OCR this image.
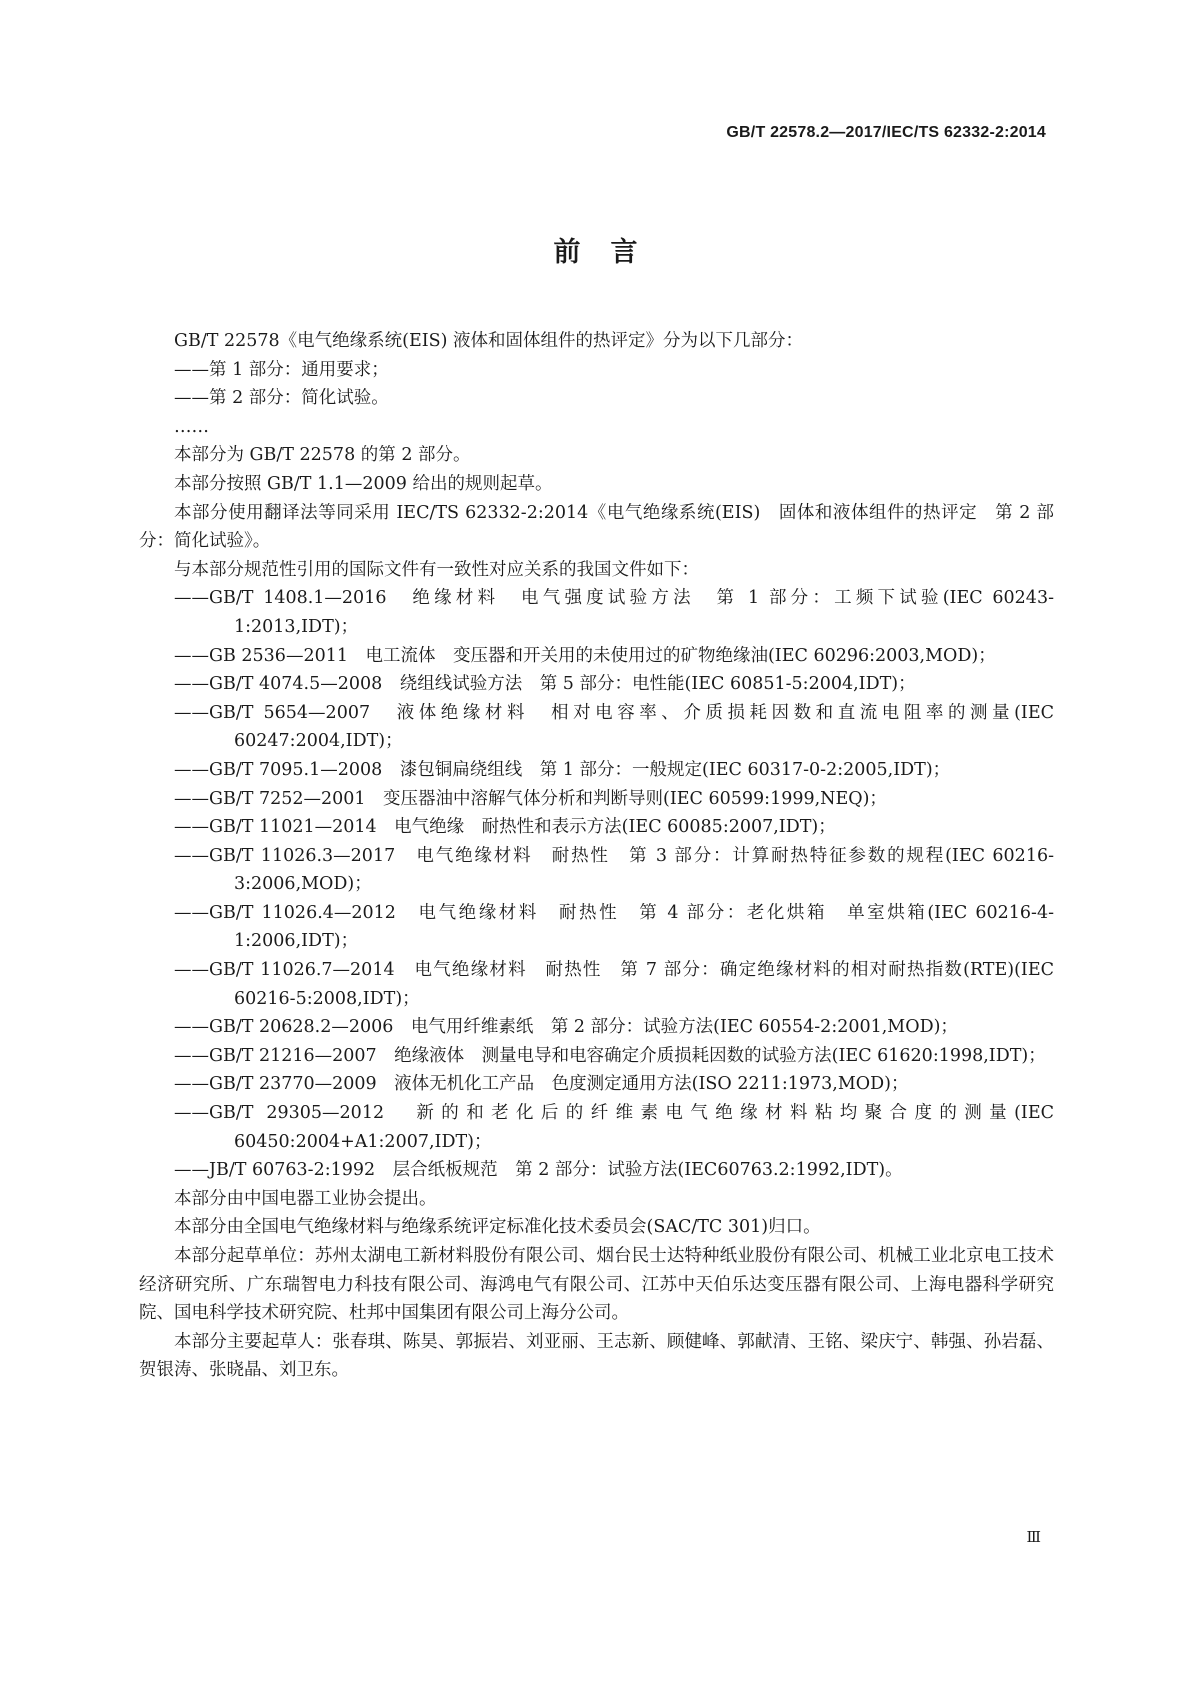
GB/T 22578.2—2017/IEC/TS 62332-2:2014
前言

GB/T 22578《电气绝缘系统(EIS) 液体和固体组件的热评定》分为以下几部分：

——第 1 部分：通用要求；

——第 2 部分：简化试验。

……

本部分为 GB/T 22578 的第 2 部分。

本部分按照 GB/T 1.1—2009 给出的规则起草。

本部分使用翻译法等同采用 IEC/TS 62332-2:2014《电气绝缘系统(EIS)　固体和液体组件的热评定　第 2 部分：简化试验》。

与本部分规范性引用的国际文件有一致性对应关系的我国文件如下：

——GB/T 1408.1—2016　绝缘材料　电气强度试验方法　第 1 部分：工频下试验(IEC 60243-1:2013,IDT)；

——GB 2536—2011　电工流体　变压器和开关用的未使用过的矿物绝缘油(IEC 60296:2003,MOD)；

——GB/T 4074.5—2008　绕组线试验方法　第 5 部分：电性能(IEC 60851-5:2004,IDT)；

——GB/T 5654—2007　液体绝缘材料　相对电容率、介质损耗因数和直流电阻率的测量(IEC 60247:2004,IDT)；

——GB/T 7095.1—2008　漆包铜扁绕组线　第 1 部分：一般规定(IEC 60317-0-2:2005,IDT)；

——GB/T 7252—2001　变压器油中溶解气体分析和判断导则(IEC 60599:1999,NEQ)；

——GB/T 11021—2014　电气绝缘　耐热性和表示方法(IEC 60085:2007,IDT)；

——GB/T 11026.3—2017　电气绝缘材料　耐热性　第 3 部分：计算耐热特征参数的规程(IEC 60216-3:2006,MOD)；

——GB/T 11026.4—2012　电气绝缘材料　耐热性　第 4 部分：老化烘箱　单室烘箱(IEC 60216-4-1:2006,IDT)；

——GB/T 11026.7—2014　电气绝缘材料　耐热性　第 7 部分：确定绝缘材料的相对耐热指数(RTE)(IEC 60216-5:2008,IDT)；

——GB/T 20628.2—2006　电气用纤维素纸　第 2 部分：试验方法(IEC 60554-2:2001,MOD)；

——GB/T 21216—2007　绝缘液体　测量电导和电容确定介质损耗因数的试验方法(IEC 61620:1998,IDT)；

——GB/T 23770—2009　液体无机化工产品　色度测定通用方法(ISO 2211:1973,MOD)；

——GB/T 29305—2012　新的和老化后的纤维素电气绝缘材料粘均聚合度的测量(IEC 60450:2004+A1:2007,IDT)；

——JB/T 60763-2:1992　层合纸板规范　第 2 部分：试验方法(IEC60763.2:1992,IDT)。

本部分由中国电器工业协会提出。

本部分由全国电气绝缘材料与绝缘系统评定标准化技术委员会(SAC/TC 301)归口。

本部分起草单位：苏州太湖电工新材料股份有限公司、烟台民士达特种纸业股份有限公司、机械工业北京电工技术经济研究所、广东瑞智电力科技有限公司、海鸿电气有限公司、江苏中天伯乐达变压器有限公司、上海电器科学研究院、国电科学技术研究院、杜邦中国集团有限公司上海分公司。

本部分主要起草人：张春琪、陈昊、郭振岩、刘亚丽、王志新、顾健峰、郭献清、王铭、梁庆宁、韩强、孙岩磊、贺银涛、张晓晶、刘卫东。

Ⅲ
